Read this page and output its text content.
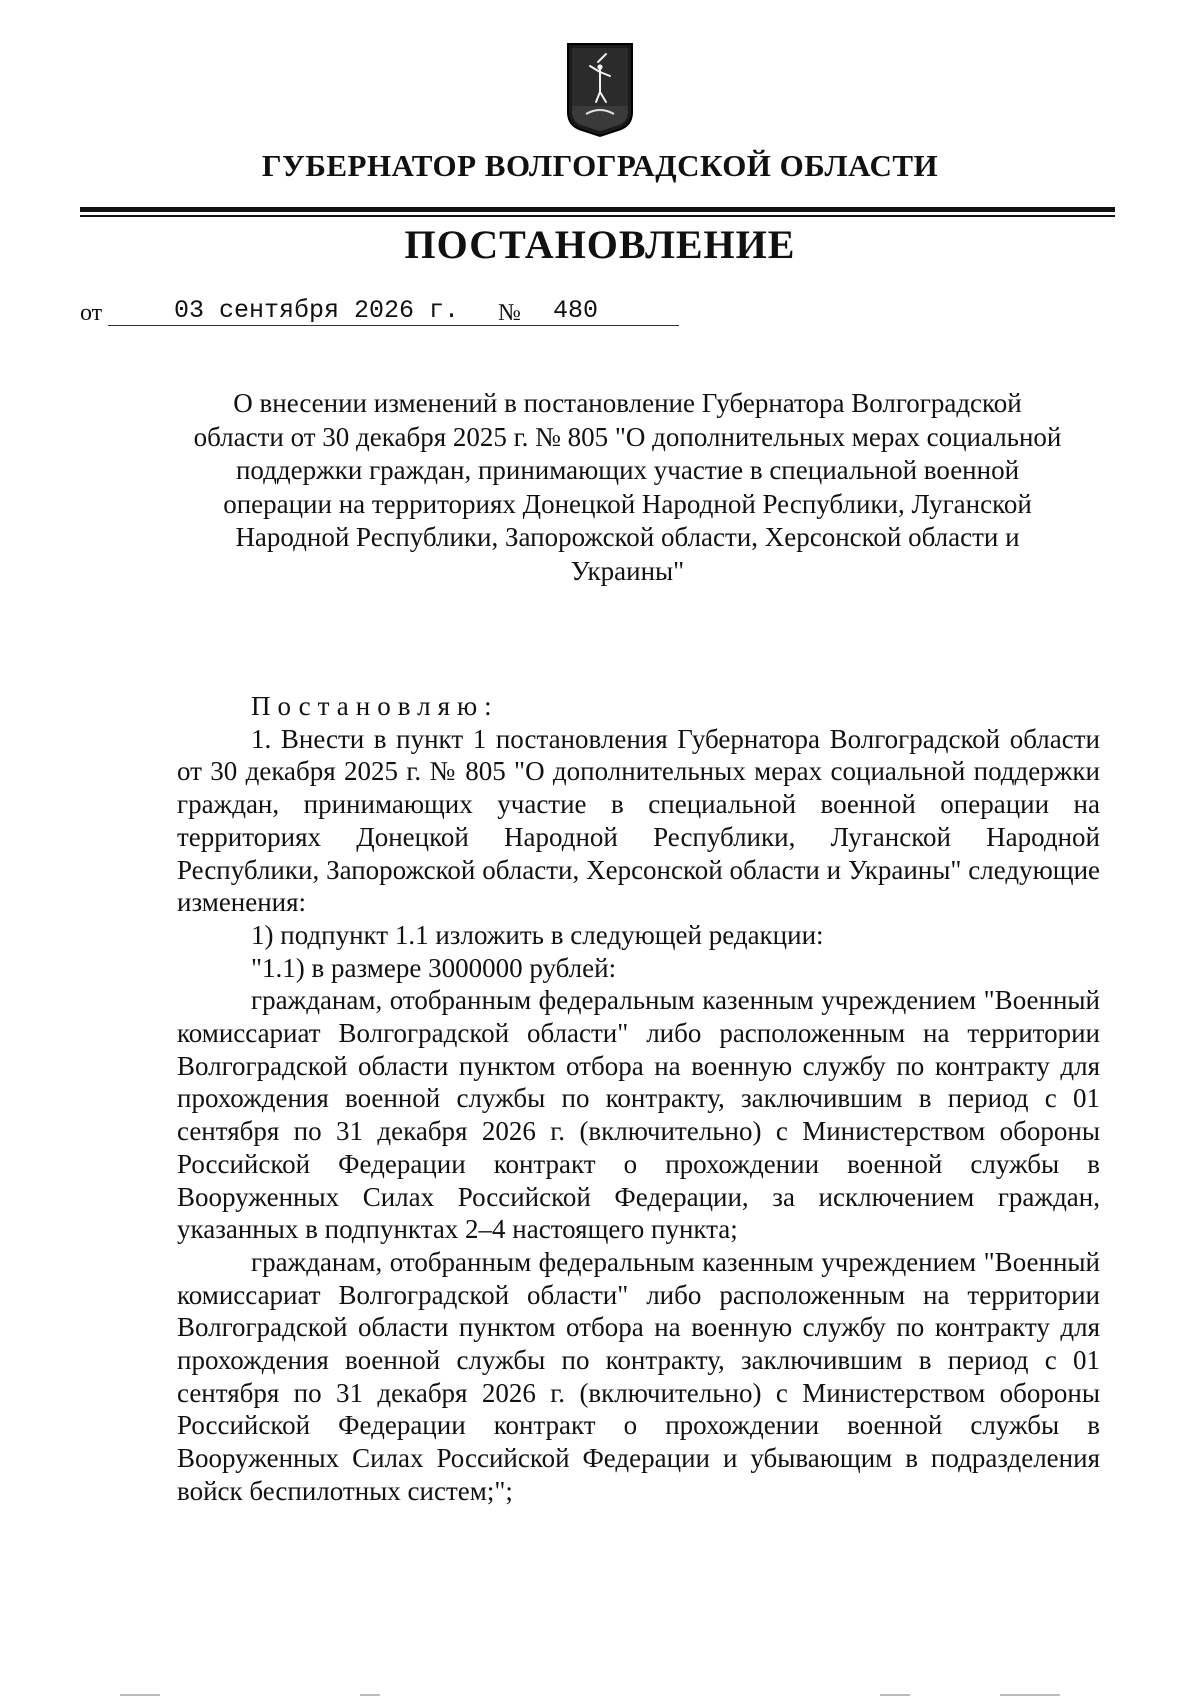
ГУБЕРНАТОР ВОЛГОГРАДСКОЙ ОБЛАСТИ
ПОСТАНОВЛЕНИЕ
от	03 сентября 2026 г. № 480
О внесении изменений в постановление Губернатора Волгоградской области от 30 декабря 2025 г. № 805 "О дополнительных мерах социальной поддержки граждан, принимающих участие в специальной военной операции на территориях Донецкой Народной Республики, Луганской Народной Республики, Запорожской области, Херсонской области и Украины"

Постановляю:

1. Внести в пункт 1 постановления Губернатора Волгоградской области от 30 декабря 2025 г. № 805 "О дополнительных мерах социальной поддержки граждан, принимающих участие в специальной военной операции на территориях Донецкой Народной Республики, Луганской Народной Республики, Запорожской области, Херсонской области и Украины" следующие изменения:

1) подпункт 1.1 изложить в следующей редакции:

"1.1) в размере 3000000 рублей:

гражданам, отобранным федеральным казенным учреждением "Военный комиссариат Волгоградской области" либо расположенным на территории Волгоградской области пунктом отбора на военную службу по контракту для прохождения военной службы по контракту, заключившим в период с 01 сентября по 31 декабря 2026 г. (включительно) с Министерством обороны Российской Федерации контракт о прохождении военной службы в Вооруженных Силах Российской Федерации, за исключением граждан, указанных в подпунктах 2–4 настоящего пункта;

гражданам, отобранным федеральным казенным учреждением "Военный комиссариат Волгоградской области" либо расположенным на территории Волгоградской области пунктом отбора на военную службу по контракту для прохождения военной службы по контракту, заключившим в период с 01 сентября по 31 декабря 2026 г. (включительно) с Министерством обороны Российской Федерации контракт о прохождении военной службы в Вооруженных Силах Российской Федерации и убывающим в подразделения войск беспилотных систем;";
